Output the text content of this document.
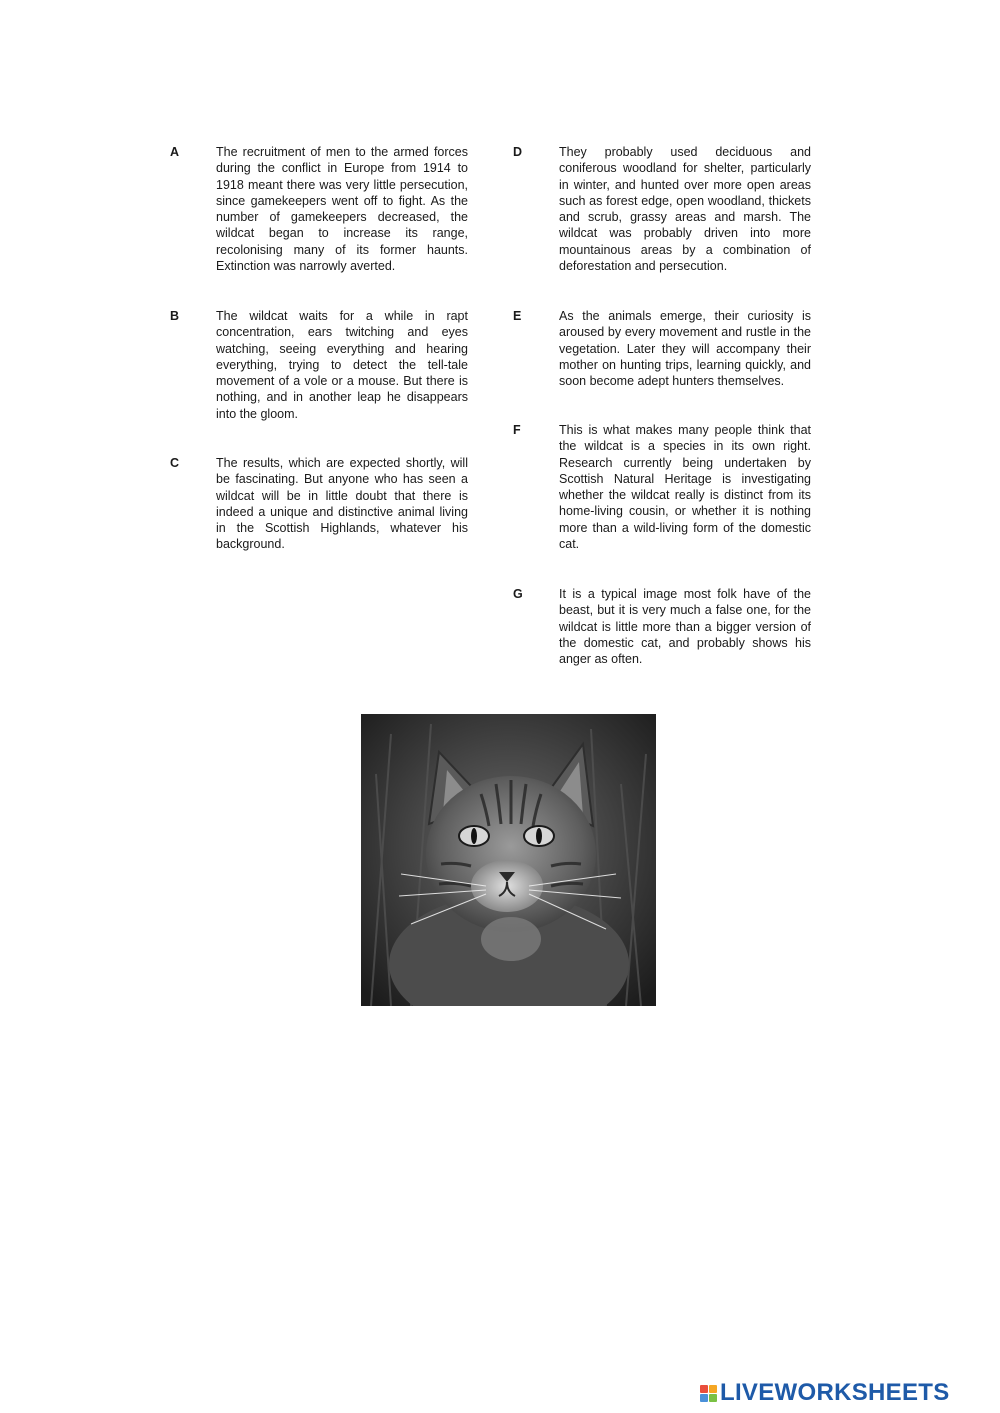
A	The recruitment of men to the armed forces during the conflict in Europe from 1914 to 1918 meant there was very little persecution, since gamekeepers went off to fight. As the number of gamekeepers decreased, the wildcat began to increase its range, recolonising many of its former haunts. Extinction was narrowly averted.
B	The wildcat waits for a while in rapt concentration, ears twitching and eyes watching, seeing everything and hearing everything, trying to detect the tell-tale movement of a vole or a mouse. But there is nothing, and in another leap he disappears into the gloom.
C	The results, which are expected shortly, will be fascinating. But anyone who has seen a wildcat will be in little doubt that there is indeed a unique and distinctive animal living in the Scottish Highlands, whatever his background.
D	They probably used deciduous and coniferous woodland for shelter, particularly in winter, and hunted over more open areas such as forest edge, open woodland, thickets and scrub, grassy areas and marsh. The wildcat was probably driven into more mountainous areas by a combination of deforestation and persecution.
E	As the animals emerge, their curiosity is aroused by every movement and rustle in the vegetation. Later they will accompany their mother on hunting trips, learning quickly, and soon become adept hunters themselves.
F	This is what makes many people think that the wildcat is a species in its own right. Research currently being undertaken by Scottish Natural Heritage is investigating whether the wildcat really is distinct from its home-living cousin, or whether it is nothing more than a wild-living form of the domestic cat.
G	It is a typical image most folk have of the beast, but it is very much a false one, for the wildcat is little more than a bigger version of the domestic cat, and probably shows his anger as often.
LIVEWORKSHEETS
